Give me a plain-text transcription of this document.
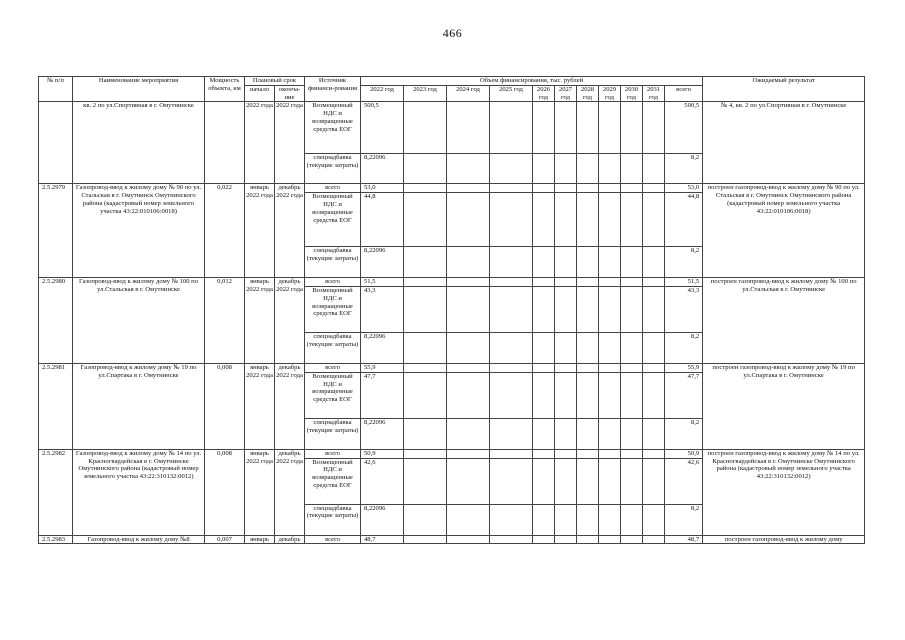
466
№ п/п	Наименование мероприятия	Мощность объекта, км	Плановый срок		Источник финанси-рования	Объем финансирования, тыс. рублей											Ожидаемый результат
			начало	оконча-ние		2022 год	2023 год	2024 год	2025 год	2026 год	2027 год	2028 год	2029 год	2030 год	2031 год	всего	
	кв. 2 по ул.Спортивная в г. Омутнинске		2022 года	2022 года	Возмещенный НДС и возвращенные средства ЕОГ	500,5										500,5	№ 4, кв. 2 по ул.Спортивная в г. Омутнинске
					спецнадбавка (текущие затраты)	8,22096										8,2	
2.5.2979	Газопровод-ввод к жилому дому № 90 по ул. Стальская в г. Омутнинск Омутнинского района (кадастровый номер земельного участка 43:22:010106:0018)	0,022	январь 2022 года	декабрь 2022 года	всего	53,0										53,0	построен газопровод-ввод к жилому дому № 90 по ул. Стальская в г. Омутнинск Омутнинского района (кадастровый номер земельного участка 43:22:010106:0018)
					Возмещенный НДС и возвращенные средства ЕОГ	44,8										44,8	
					спецнадбавка (текущие затраты)	8,22096										8,2	
2.5.2980	Газопровод-ввод к жилому дому № 100 по ул.Стальская в г. Омутнинске	0,012	январь 2022 года	декабрь 2022 года	всего	51,5										51,5	построен газопровод-ввод к жилому дому № 100 по ул.Стальская в г. Омутнинске
					Возмещенный НДС и возвращенные средства ЕОГ	43,3										43,3	
					спецнадбавка (текущие затраты)	8,22096										8,2	
2.5.2981	Газопровод-ввод к жилому дому № 19 по ул.Спартака в г. Омутнинске	0,008	январь 2022 года	декабрь 2022 года	всего	55,9										55,9	построен газопровод-ввод к жилому дому № 19 по ул.Спартака в г. Омутнинске
					Возмещенный НДС и возвращенные средства ЕОГ	47,7										47,7	
					спецнадбавка (текущие затраты)	8,22096										8,2	
2.5.2982	Газопровод-ввод к жилому дому № 14 по ул. Красногвардейская в г. Омутнинске Омутнинского района (кадастровый номер земельного участка 43:22:310132:0012)	0,008	январь 2022 года	декабрь 2022 года	всего	50,9										50,9	построен газопровод-ввод к жилому дому № 14 по ул. Красногвардейская в г. Омутнинске Омутнинского района (кадастровый номер земельного участка 43:22:310132:0012)
					Возмещенный НДС и возвращенные средства ЕОГ	42,6										42,6	
					спецнадбавка (текущие затраты)	8,22096										8,2	
2.5.2983	Газопровод-ввод к жилому дому №8	0,007	январь	декабрь	всего	48,7										48,7	построен газопровод-ввод к жилому дому
